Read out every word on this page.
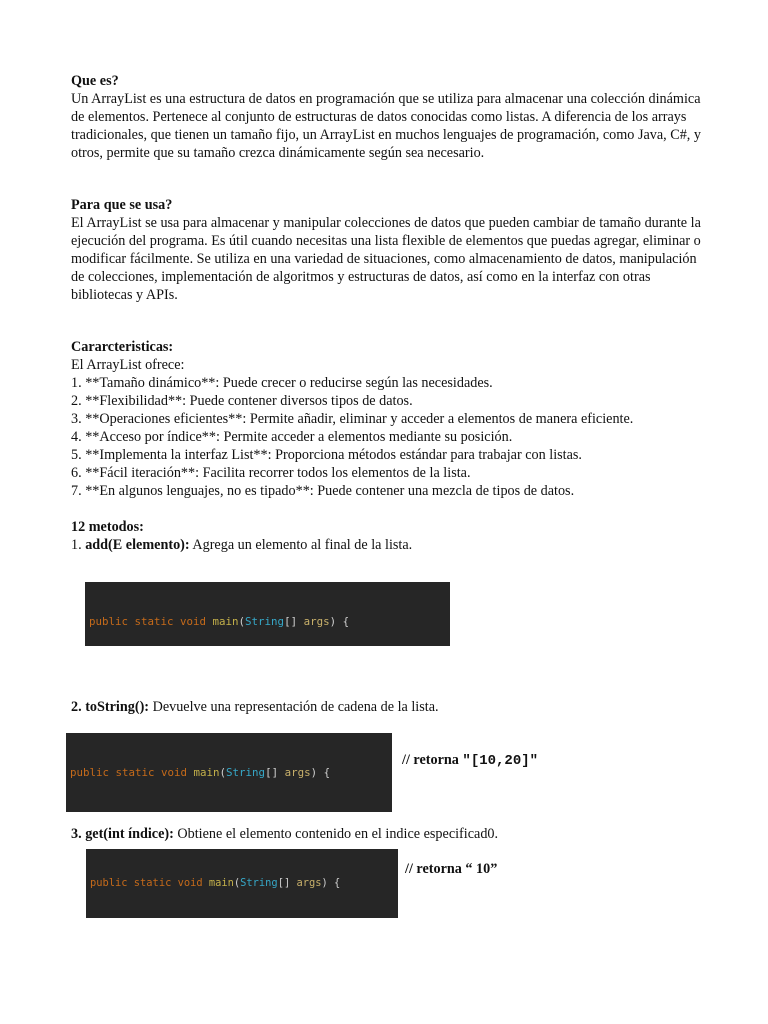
Que es?

Un ArrayList es una estructura de datos en programación que se utiliza para almacenar una colección dinámica de elementos. Pertenece al conjunto de estructuras de datos conocidas como listas. A diferencia de los arrays tradicionales, que tienen un tamaño fijo, un ArrayList en muchos lenguajes de programación, como Java, C#, y otros, permite que su tamaño crezca dinámicamente según sea necesario.

Para que se usa?

El ArrayList se usa para almacenar y manipular colecciones de datos que pueden cambiar de tamaño durante la ejecución del programa. Es útil cuando necesitas una lista flexible de elementos que puedas agregar, eliminar o modificar fácilmente. Se utiliza en una variedad de situaciones, como almacenamiento de datos, manipulación de colecciones, implementación de algoritmos y estructuras de datos, así como en la interfaz con otras bibliotecas y APIs.

Cararcteristicas:

El ArrayList ofrece:

1. **Tamaño dinámico**: Puede crecer o reducirse según las necesidades.

2. **Flexibilidad**: Puede contener diversos tipos de datos.

3. **Operaciones eficientes**: Permite añadir, eliminar y acceder a elementos de manera eficiente.

4. **Acceso por índice**: Permite acceder a elementos mediante su posición.

5. **Implementa la interfaz List**: Proporciona métodos estándar para trabajar con listas.

6. **Fácil iteración**: Facilita recorrer todos los elementos de la lista.

7. **En algunos lenguajes, no es tipado**: Puede contener una mezcla de tipos de datos.

12 metodos:

1. add(E elemento): Agrega un elemento al final de la lista.

public static void main(String[] args) {

2. toString(): Devuelve una representación de cadena de la lista.

public static void main(String[] args) {

// retorna "[10,20]"

3. get(int índice): Obtiene el elemento contenido en el indice especificad0.

public static void main(String[] args) {

// retorna “ 10”
